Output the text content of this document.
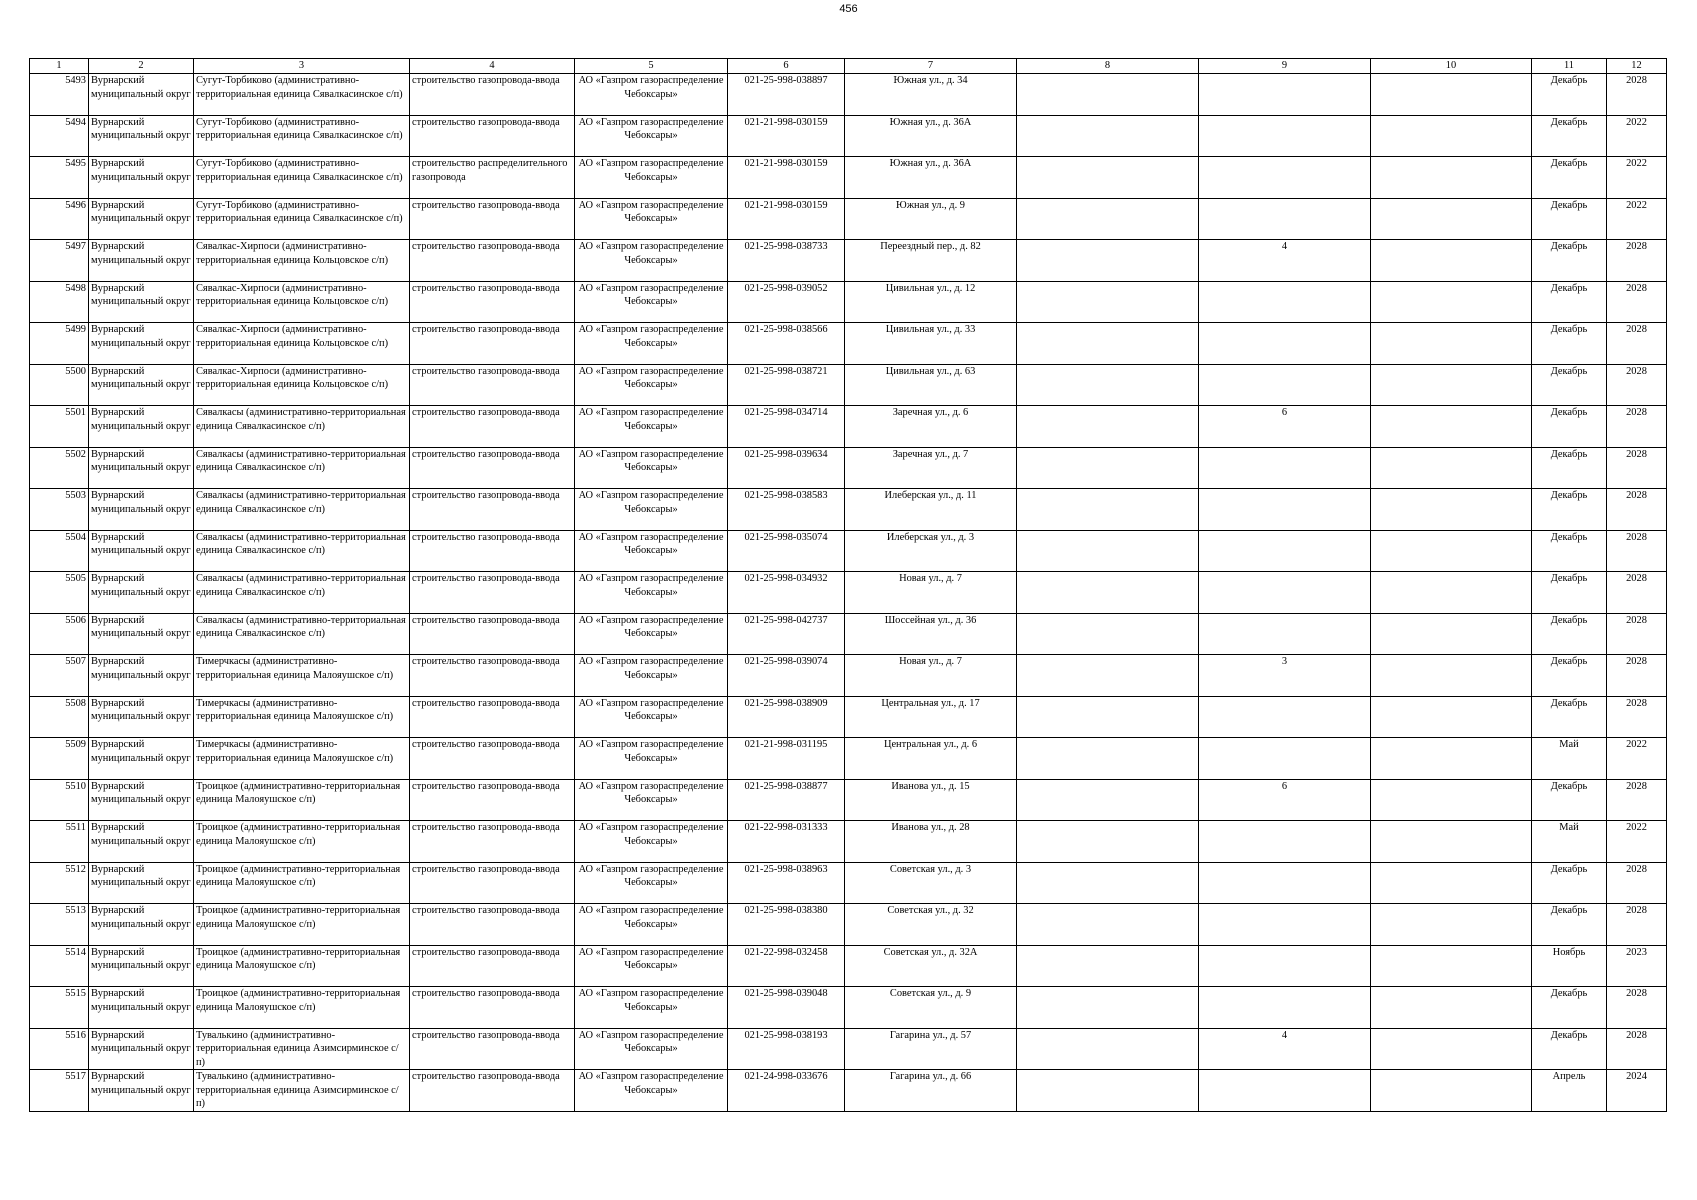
456
1	2	3	4	5	6	7	8	9	10	11	12
5493	Вурнарский муниципальный округ	Сугут-Торбиково (административно-территориальная единица Сявалкасинское с/п)	строительство газопровода-ввода	АО «Газпром газораспределение Чебоксары»	021-25-998-038897	Южная ул., д. 34				Декабрь	2028
5494	Вурнарский муниципальный округ	Сугут-Торбиково (административно-территориальная единица Сявалкасинское с/п)	строительство газопровода-ввода	АО «Газпром газораспределение Чебоксары»	021-21-998-030159	Южная ул., д. 36А				Декабрь	2022
5495	Вурнарский муниципальный округ	Сугут-Торбиково (административно-территориальная единица Сявалкасинское с/п)	строительство распределительного газопровода	АО «Газпром газораспределение Чебоксары»	021-21-998-030159	Южная ул., д. 36А				Декабрь	2022
5496	Вурнарский муниципальный округ	Сугут-Торбиково (административно-территориальная единица Сявалкасинское с/п)	строительство газопровода-ввода	АО «Газпром газораспределение Чебоксары»	021-21-998-030159	Южная ул., д. 9				Декабрь	2022
5497	Вурнарский муниципальный округ	Сявалкас-Хирпоси (административно-территориальная единица Кольцовское с/п)	строительство газопровода-ввода	АО «Газпром газораспределение Чебоксары»	021-25-998-038733	Переездный пер., д. 82		4		Декабрь	2028
5498	Вурнарский муниципальный округ	Сявалкас-Хирпоси (административно-территориальная единица Кольцовское с/п)	строительство газопровода-ввода	АО «Газпром газораспределение Чебоксары»	021-25-998-039052	Цивильная ул., д. 12				Декабрь	2028
5499	Вурнарский муниципальный округ	Сявалкас-Хирпоси (административно-территориальная единица Кольцовское с/п)	строительство газопровода-ввода	АО «Газпром газораспределение Чебоксары»	021-25-998-038566	Цивильная ул., д. 33				Декабрь	2028
5500	Вурнарский муниципальный округ	Сявалкас-Хирпоси (административно-территориальная единица Кольцовское с/п)	строительство газопровода-ввода	АО «Газпром газораспределение Чебоксары»	021-25-998-038721	Цивильная ул., д. 63				Декабрь	2028
5501	Вурнарский муниципальный округ	Сявалкасы (административно-территориальная единица Сявалкасинское с/п)	строительство газопровода-ввода	АО «Газпром газораспределение Чебоксары»	021-25-998-034714	Заречная ул., д. 6		6		Декабрь	2028
5502	Вурнарский муниципальный округ	Сявалкасы (административно-территориальная единица Сявалкасинское с/п)	строительство газопровода-ввода	АО «Газпром газораспределение Чебоксары»	021-25-998-039634	Заречная ул., д. 7				Декабрь	2028
5503	Вурнарский муниципальный округ	Сявалкасы (административно-территориальная единица Сявалкасинское с/п)	строительство газопровода-ввода	АО «Газпром газораспределение Чебоксары»	021-25-998-038583	Илеберская ул., д. 11				Декабрь	2028
5504	Вурнарский муниципальный округ	Сявалкасы (административно-территориальная единица Сявалкасинское с/п)	строительство газопровода-ввода	АО «Газпром газораспределение Чебоксары»	021-25-998-035074	Илеберская ул., д. 3				Декабрь	2028
5505	Вурнарский муниципальный округ	Сявалкасы (административно-территориальная единица Сявалкасинское с/п)	строительство газопровода-ввода	АО «Газпром газораспределение Чебоксары»	021-25-998-034932	Новая ул., д. 7				Декабрь	2028
5506	Вурнарский муниципальный округ	Сявалкасы (административно-территориальная единица Сявалкасинское с/п)	строительство газопровода-ввода	АО «Газпром газораспределение Чебоксары»	021-25-998-042737	Шоссейная ул., д. 36				Декабрь	2028
5507	Вурнарский муниципальный округ	Тимерчкасы (административно-территориальная единица Малояушское с/п)	строительство газопровода-ввода	АО «Газпром газораспределение Чебоксары»	021-25-998-039074	Новая ул., д. 7		3		Декабрь	2028
5508	Вурнарский муниципальный округ	Тимерчкасы (административно-территориальная единица Малояушское с/п)	строительство газопровода-ввода	АО «Газпром газораспределение Чебоксары»	021-25-998-038909	Центральная ул., д. 17				Декабрь	2028
5509	Вурнарский муниципальный округ	Тимерчкасы (административно-территориальная единица Малояушское с/п)	строительство газопровода-ввода	АО «Газпром газораспределение Чебоксары»	021-21-998-031195	Центральная ул., д. 6				Май	2022
5510	Вурнарский муниципальный округ	Троицкое (административно-территориальная единица Малояушское с/п)	строительство газопровода-ввода	АО «Газпром газораспределение Чебоксары»	021-25-998-038877	Иванова ул., д. 15		6		Декабрь	2028
5511	Вурнарский муниципальный округ	Троицкое (административно-территориальная единица Малояушское с/п)	строительство газопровода-ввода	АО «Газпром газораспределение Чебоксары»	021-22-998-031333	Иванова ул., д. 28				Май	2022
5512	Вурнарский муниципальный округ	Троицкое (административно-территориальная единица Малояушское с/п)	строительство газопровода-ввода	АО «Газпром газораспределение Чебоксары»	021-25-998-038963	Советская ул., д. 3				Декабрь	2028
5513	Вурнарский муниципальный округ	Троицкое (административно-территориальная единица Малояушское с/п)	строительство газопровода-ввода	АО «Газпром газораспределение Чебоксары»	021-25-998-038380	Советская ул., д. 32				Декабрь	2028
5514	Вурнарский муниципальный округ	Троицкое (административно-территориальная единица Малояушское с/п)	строительство газопровода-ввода	АО «Газпром газораспределение Чебоксары»	021-22-998-032458	Советская ул., д. 32А				Ноябрь	2023
5515	Вурнарский муниципальный округ	Троицкое (административно-территориальная единица Малояушское с/п)	строительство газопровода-ввода	АО «Газпром газораспределение Чебоксары»	021-25-998-039048	Советская ул., д. 9				Декабрь	2028
5516	Вурнарский муниципальный округ	Тувалькино (административно-территориальная единица Азимсирминское с/п)	строительство газопровода-ввода	АО «Газпром газораспределение Чебоксары»	021-25-998-038193	Гагарина ул., д. 57		4		Декабрь	2028
5517	Вурнарский муниципальный округ	Тувалькино (административно-территориальная единица Азимсирминское с/п)	строительство газопровода-ввода	АО «Газпром газораспределение Чебоксары»	021-24-998-033676	Гагарина ул., д. 66				Апрель	2024
